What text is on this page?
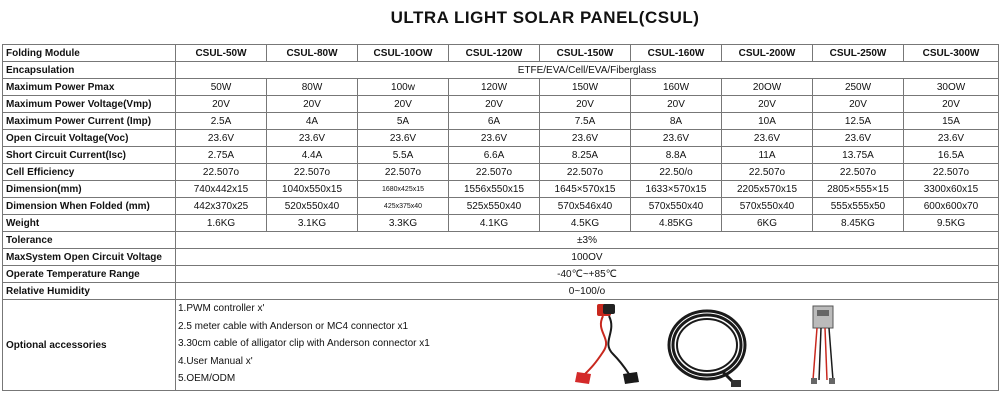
ULTRA LIGHT SOLAR PANEL(CSUL)
Folding Module	CSUL-50W	CSUL-80W	CSUL-10OW	CSUL-120W	CSUL-150W	CSUL-160W	CSUL-200W	CSUL-250W	CSUL-300W
Encapsulation	ETFE/EVA/Cell/EVA/Fiberglass								
Maximum Power Pmax	50W	80W	100w	120W	150W	160W	20OW	250W	30OW
Maximum Power Voltage(Vmp)	20V	20V	20V	20V	20V	20V	20V	20V	20V
Maximum Power Current (Imp)	2.5A	4A	5A	6A	7.5A	8A	10A	12.5A	15A
Open Circuit Voltage(Voc)	23.6V	23.6V	23.6V	23.6V	23.6V	23.6V	23.6V	23.6V	23.6V
Short Circuit Current(Isc)	2.75A	4.4A	5.5A	6.6A	8.25A	8.8A	11A	13.75A	16.5A
Cell Efficiency	22.507o	22.507o	22.507o	22.507o	22.507o	22.50/o	22.507o	22.507o	22.507o
Dimension(mm)	740x442x15	1040x550x15	1680x425x15	1556x550x15	1645×570x15	1633×570x15	2205x570x15	2805×555×15	3300x60x15
Dimension When Folded (mm)	442x370x25	520x550x40	425x375x40	525x550x40	570x546x40	570x550x40	570x550x40	555x555x50	600x600x70
Weight	1.6KG	3.1KG	3.3KG	4.1KG	4.5KG	4.85KG	6KG	8.45KG	9.5KG
Tolerance	±3%								
MaxSystem Open Circuit Voltage	100OV								
Operate Temperature Range	-40℃~+85℃								
Relative Humidity	0~100/o								
Optional accessories	1.PWM controller x'
2.5 meter cable with Anderson or MC4 connector x1
3.30cm cable of alligator clip with Anderson connector x1
4.User Manual x'
5.OEM/ODM								
